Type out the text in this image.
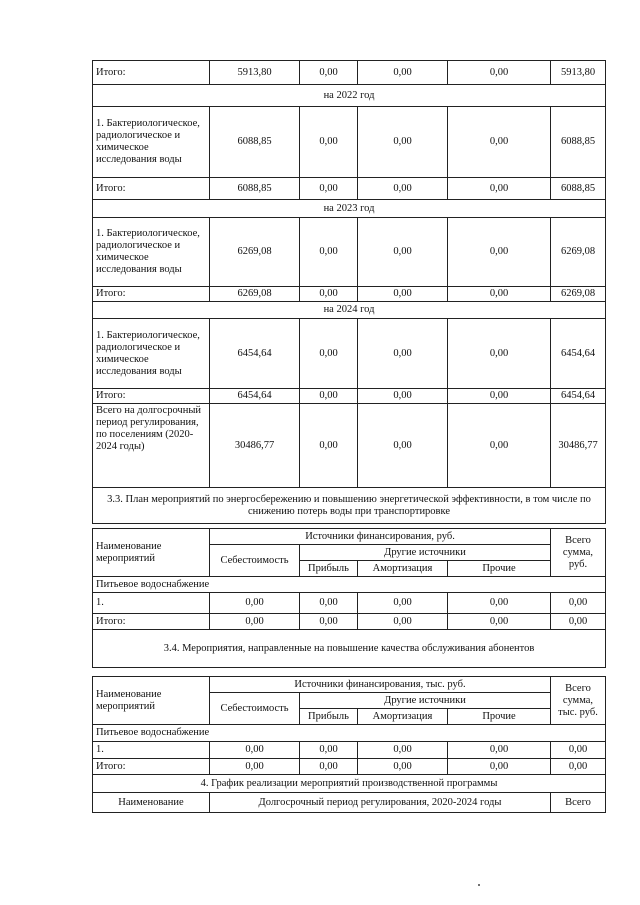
Итого:	5913,80	0,00	0,00	0,00	5913,80
на 2022 год					
1. Бактериологическое, радиологическое и химическое исследования воды	6088,85	0,00	0,00	0,00	6088,85
Итого:	6088,85	0,00	0,00	0,00	6088,85
на 2023 год					
1. Бактериологическое, радиологическое и химическое исследования воды	6269,08	0,00	0,00	0,00	6269,08
Итого:	6269,08	0,00	0,00	0,00	6269,08
на 2024 год					
1. Бактериологическое, радиологическое и химическое исследования воды	6454,64	0,00	0,00	0,00	6454,64
Итого:	6454,64	0,00	0,00	0,00	6454,64
Всего на долгосрочный период регулирования, по поселениям (2020-2024 годы)	30486,77	0,00	0,00	0,00	30486,77
3.3. План мероприятий по энергосбережению и повышению энергетической эффективности, в том числе по снижению потерь воды при транспортировке					
Наименование мероприятий	Источники финансирования, руб.				Всего сумма, руб.
	Себестоимость	Другие источники			
		Прибыль	Амортизация	Прочие	
Питьевое водоснабжение					
1.	0,00	0,00	0,00	0,00	0,00
Итого:	0,00	0,00	0,00	0,00	0,00
3.4. Мероприятия, направленные на повышение качества обслуживания абонентов					
Наименование мероприятий	Источники финансирования, тыс. руб.				Всего сумма, тыс. руб.
	Себестоимость	Другие источники			
		Прибыль	Амортизация	Прочие	
Питьевое водоснабжение					
1.	0,00	0,00	0,00	0,00	0,00
Итого:	0,00	0,00	0,00	0,00	0,00
4. График реализации мероприятий производственной программы					
Наименование	Долгосрочный период регулирования, 2020-2024 годы				Всего
